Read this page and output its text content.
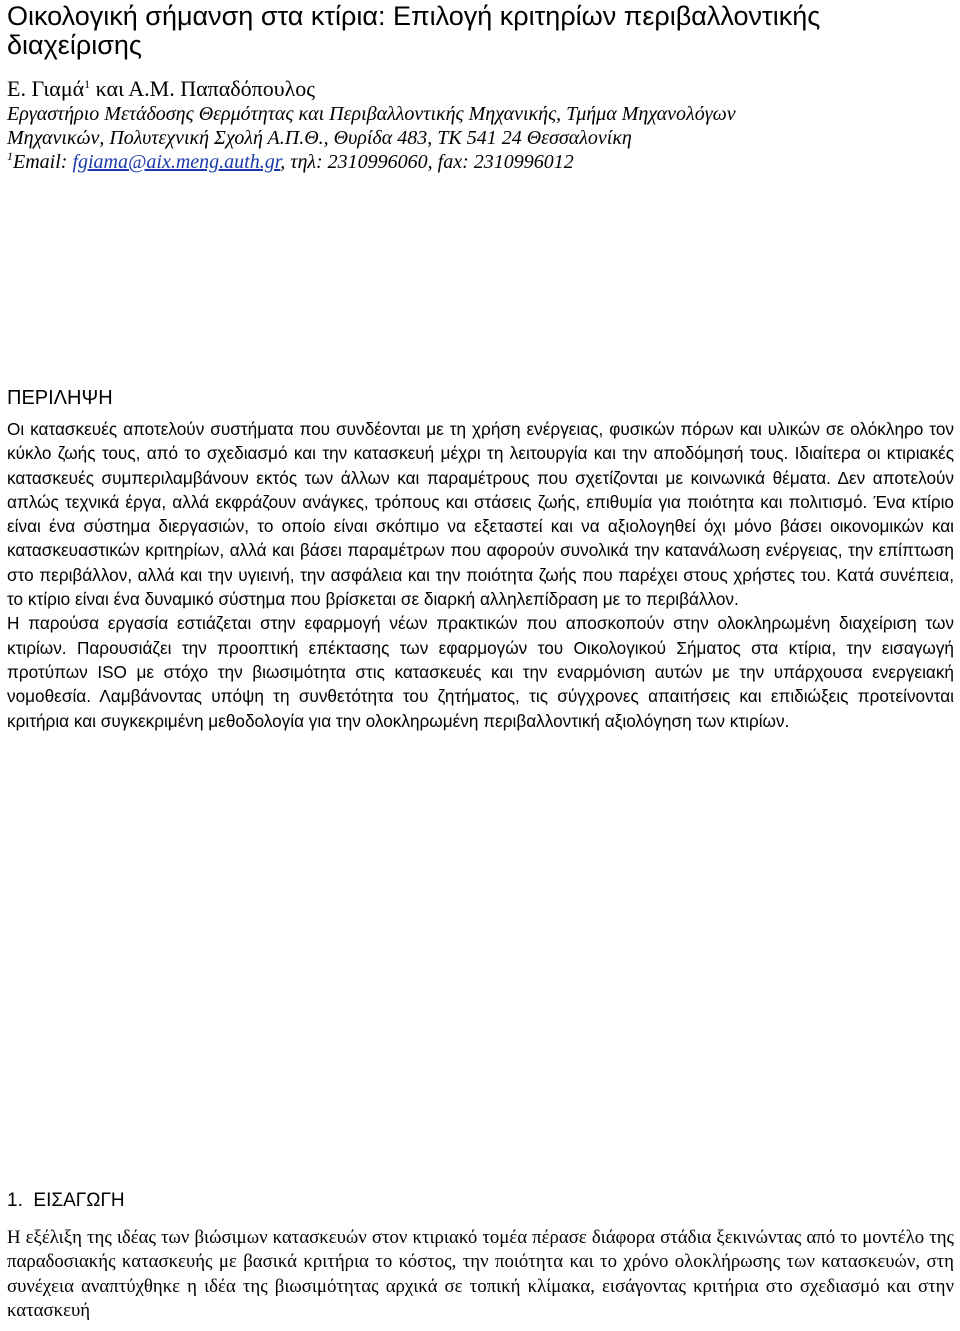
Οικολογική σήμανση στα κτίρια: Επιλογή κριτηρίων περιβαλλοντικής διαχείρισης
Ε. Γιαμά$^1$ και Α.Μ. Παπαδόπουλος
Εργαστήριο Μετάδοσης Θερμότητας και Περιβαλλοντικής Μηχανικής, Τμήμα Μηχανολόγων
Μηχανικών, Πολυτεχνική Σχολή Α.Π.Θ., Θυρίδα 483, ΤΚ 541 24 Θεσσαλονίκη
$^1$Email: fgiama@aix.meng.auth.gr, τηλ: 2310996060, fax: 2310996012
ΠΕΡΙΛΗΨΗ

Οι κατασκευές αποτελούν συστήματα που συνδέονται με τη χρήση ενέργειας, φυσικών πόρων και υλικών σε ολόκληρο τον κύκλο ζωής τους, από το σχεδιασμό και την κατασκευή μέχρι τη λειτουργία και την αποδόμησή τους. Ιδιαίτερα οι κτιριακές κατασκευές συμπεριλαμβάνουν εκτός των άλλων και παραμέτρους που σχετίζονται με κοινωνικά θέματα. Δεν αποτελούν απλώς τεχνικά έργα, αλλά εκφράζουν ανάγκες, τρόπους και στάσεις ζωής, επιθυμία για ποιότητα και πολιτισμό. Ένα κτίριο είναι ένα σύστημα διεργασιών, το οποίο είναι σκόπιμο να εξεταστεί και να αξιολογηθεί όχι μόνο βάσει οικονομικών και κατασκευαστικών κριτηρίων, αλλά και βάσει παραμέτρων που αφορούν συνολικά την κατανάλωση ενέργειας, την επίπτωση στο περιβάλλον, αλλά και την υγιεινή, την ασφάλεια και την ποιότητα ζωής που παρέχει στους χρήστες του. Κατά συνέπεια, το κτίριο είναι ένα δυναμικό σύστημα που βρίσκεται σε διαρκή αλληλεπίδραση με το περιβάλλον.

Η παρούσα εργασία εστιάζεται στην εφαρμογή νέων πρακτικών που αποσκοπούν στην ολοκληρωμένη διαχείριση των κτιρίων. Παρουσιάζει την προοπτική επέκτασης των εφαρμογών του Οικολογικού Σήματος στα κτίρια, την εισαγωγή προτύπων ISO με στόχο την βιωσιμότητα στις κατασκευές και την εναρμόνιση αυτών με την υπάρχουσα ενεργειακή νομοθεσία. Λαμβάνοντας υπόψη τη συνθετότητα του ζητήματος, τις σύγχρονες απαιτήσεις και επιδιώξεις προτείνονται κριτήρια και συγκεκριμένη μεθοδολογία για την ολοκληρωμένη περιβαλλοντική αξιολόγηση των κτιρίων.

1.  ΕΙΣΑΓΩΓΗ

Η εξέλιξη της ιδέας των βιώσιμων κατασκευών στον κτιριακό τομέα πέρασε διάφορα στάδια ξεκινώντας από το μοντέλο της παραδοσιακής κατασκευής με βασικά κριτήρια το κόστος, την ποιότητα και το χρόνο ολοκλήρωσης των κατασκευών, στη συνέχεια αναπτύχθηκε η ιδέα της βιωσιμότητας αρχικά σε τοπική κλίμακα, εισάγοντας κριτήρια στο σχεδιασμό και στην κατασκευή
